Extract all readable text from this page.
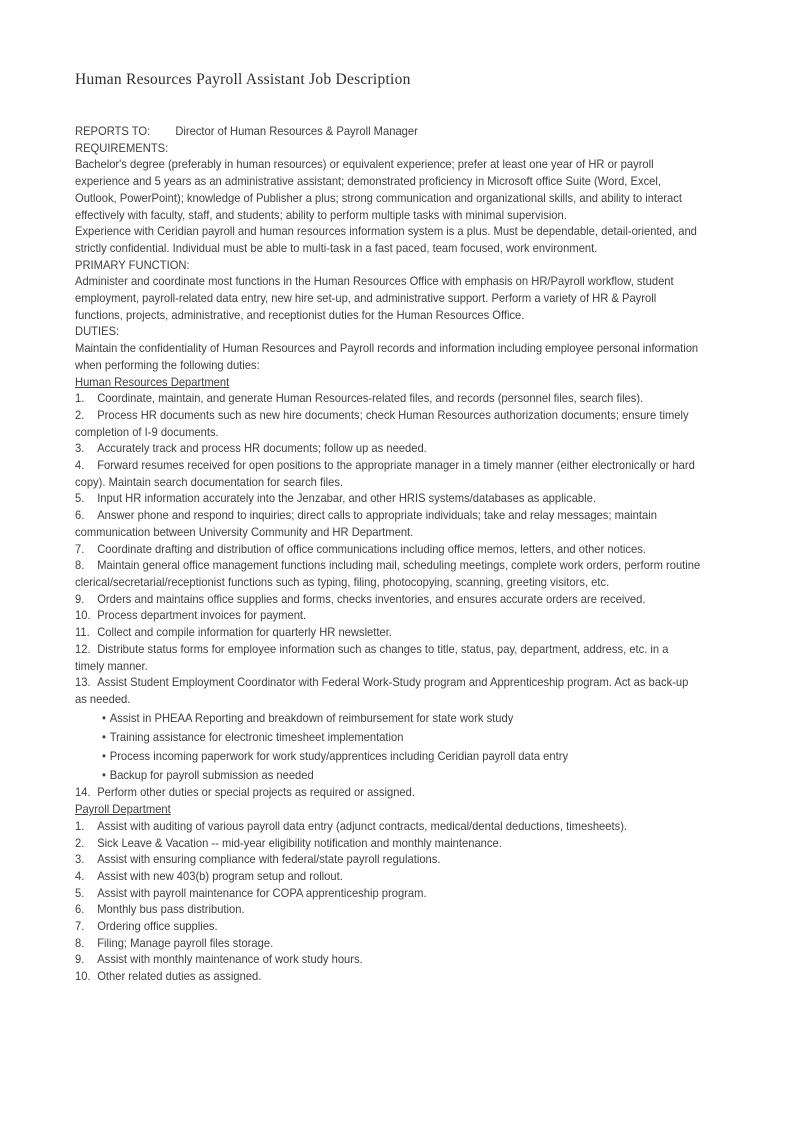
Human Resources Payroll Assistant Job Description

REPORTS TO: Director of Human Resources & Payroll Manager

REQUIREMENTS:

Bachelor's degree (preferably in human resources) or equivalent experience; prefer at least one year of HR or payroll experience and 5 years as an administrative assistant; demonstrated proficiency in Microsoft office Suite (Word, Excel, Outlook, PowerPoint); knowledge of Publisher a plus; strong communication and organizational skills, and ability to interact effectively with faculty, staff, and students; ability to perform multiple tasks with minimal supervision.

Experience with Ceridian payroll and human resources information system is a plus. Must be dependable, detail-oriented, and strictly confidential. Individual must be able to multi-task in a fast paced, team focused, work environment.

PRIMARY FUNCTION:

Administer and coordinate most functions in the Human Resources Office with emphasis on HR/Payroll workflow, student employment, payroll-related data entry, new hire set-up, and administrative support. Perform a variety of HR & Payroll functions, projects, administrative, and receptionist duties for the Human Resources Office.

DUTIES:

Maintain the confidentiality of Human Resources and Payroll records and information including employee personal information when performing the following duties:

Human Resources Department

1.	Coordinate, maintain, and generate Human Resources-related files, and records (personnel files, search files).
2.	Process HR documents such as new hire documents; check Human Resources authorization documents; ensure timely completion of I-9 documents.
3.	Accurately track and process HR documents; follow up as needed.
4.	Forward resumes received for open positions to the appropriate manager in a timely manner (either electronically or hard copy). Maintain search documentation for search files.
5.	Input HR information accurately into the Jenzabar, and other HRIS systems/databases as applicable.
6.	Answer phone and respond to inquiries; direct calls to appropriate individuals; take and relay messages; maintain communication between University Community and HR Department.
7.	Coordinate drafting and distribution of office communications including office memos, letters, and other notices.
8.	Maintain general office management functions including mail, scheduling meetings, complete work orders, perform routine clerical/secretarial/receptionist functions such as typing, filing, photocopying, scanning, greeting visitors, etc.
9.	Orders and maintains office supplies and forms, checks inventories, and ensures accurate orders are received.
10. Process department invoices for payment.
11. Collect and compile information for quarterly HR newsletter.
12. Distribute status forms for employee information such as changes to title, status, pay, department, address, etc. in a timely manner.
13. Assist Student Employment Coordinator with Federal Work-Study program and Apprenticeship program. Act as back-up as needed.
• Assist in PHEAA Reporting and breakdown of reimbursement for state work study
• Training assistance for electronic timesheet implementation
• Process incoming paperwork for work study/apprentices including Ceridian payroll data entry
• Backup for payroll submission as needed
14. Perform other duties or special projects as required or assigned.

Payroll Department

1.	Assist with auditing of various payroll data entry (adjunct contracts, medical/dental deductions, timesheets).
2.	Sick Leave & Vacation -- mid-year eligibility notification and monthly maintenance.
3.	Assist with ensuring compliance with federal/state payroll regulations.
4.	Assist with new 403(b) program setup and rollout.
5.	Assist with payroll maintenance for COPA apprenticeship program.
6.	Monthly bus pass distribution.
7.	Ordering office supplies.
8.	Filing; Manage payroll files storage.
9.	Assist with monthly maintenance of work study hours.
10. Other related duties as assigned.
